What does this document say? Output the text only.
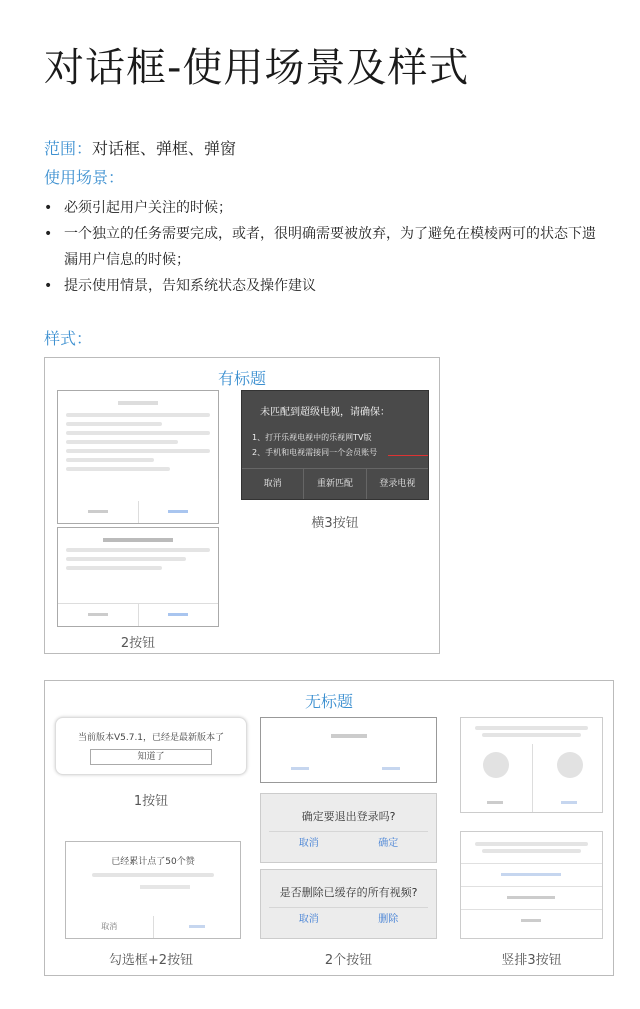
对话框-使用场景及样式
范围：对话框、弹框、弹窗
使用场景：
• 必须引起用户关注的时候；
• 一个独立的任务需要完成，或者，很明确需要被放弃，为了避免在模棱两可的状态下遗漏用户信息的时候；
• 提示使用情景，告知系统状态及操作建议
样式：
有标题
2按钮
未匹配到超级电视，请确保：
1、打开乐视电视中的乐视网TV版
2、手机和电视需接同一个会员账号
取消	重新匹配	登录电视
横3按钮
无标题
当前版本V5.7.1，已经是最新版本了
知道了
1按钮
已经累计点了50个赞
取消
勾选框+2按钮
确定要退出登录吗?
取消	确定
是否删除已缓存的所有视频?
取消	删除
2个按钮	竖排3按钮
